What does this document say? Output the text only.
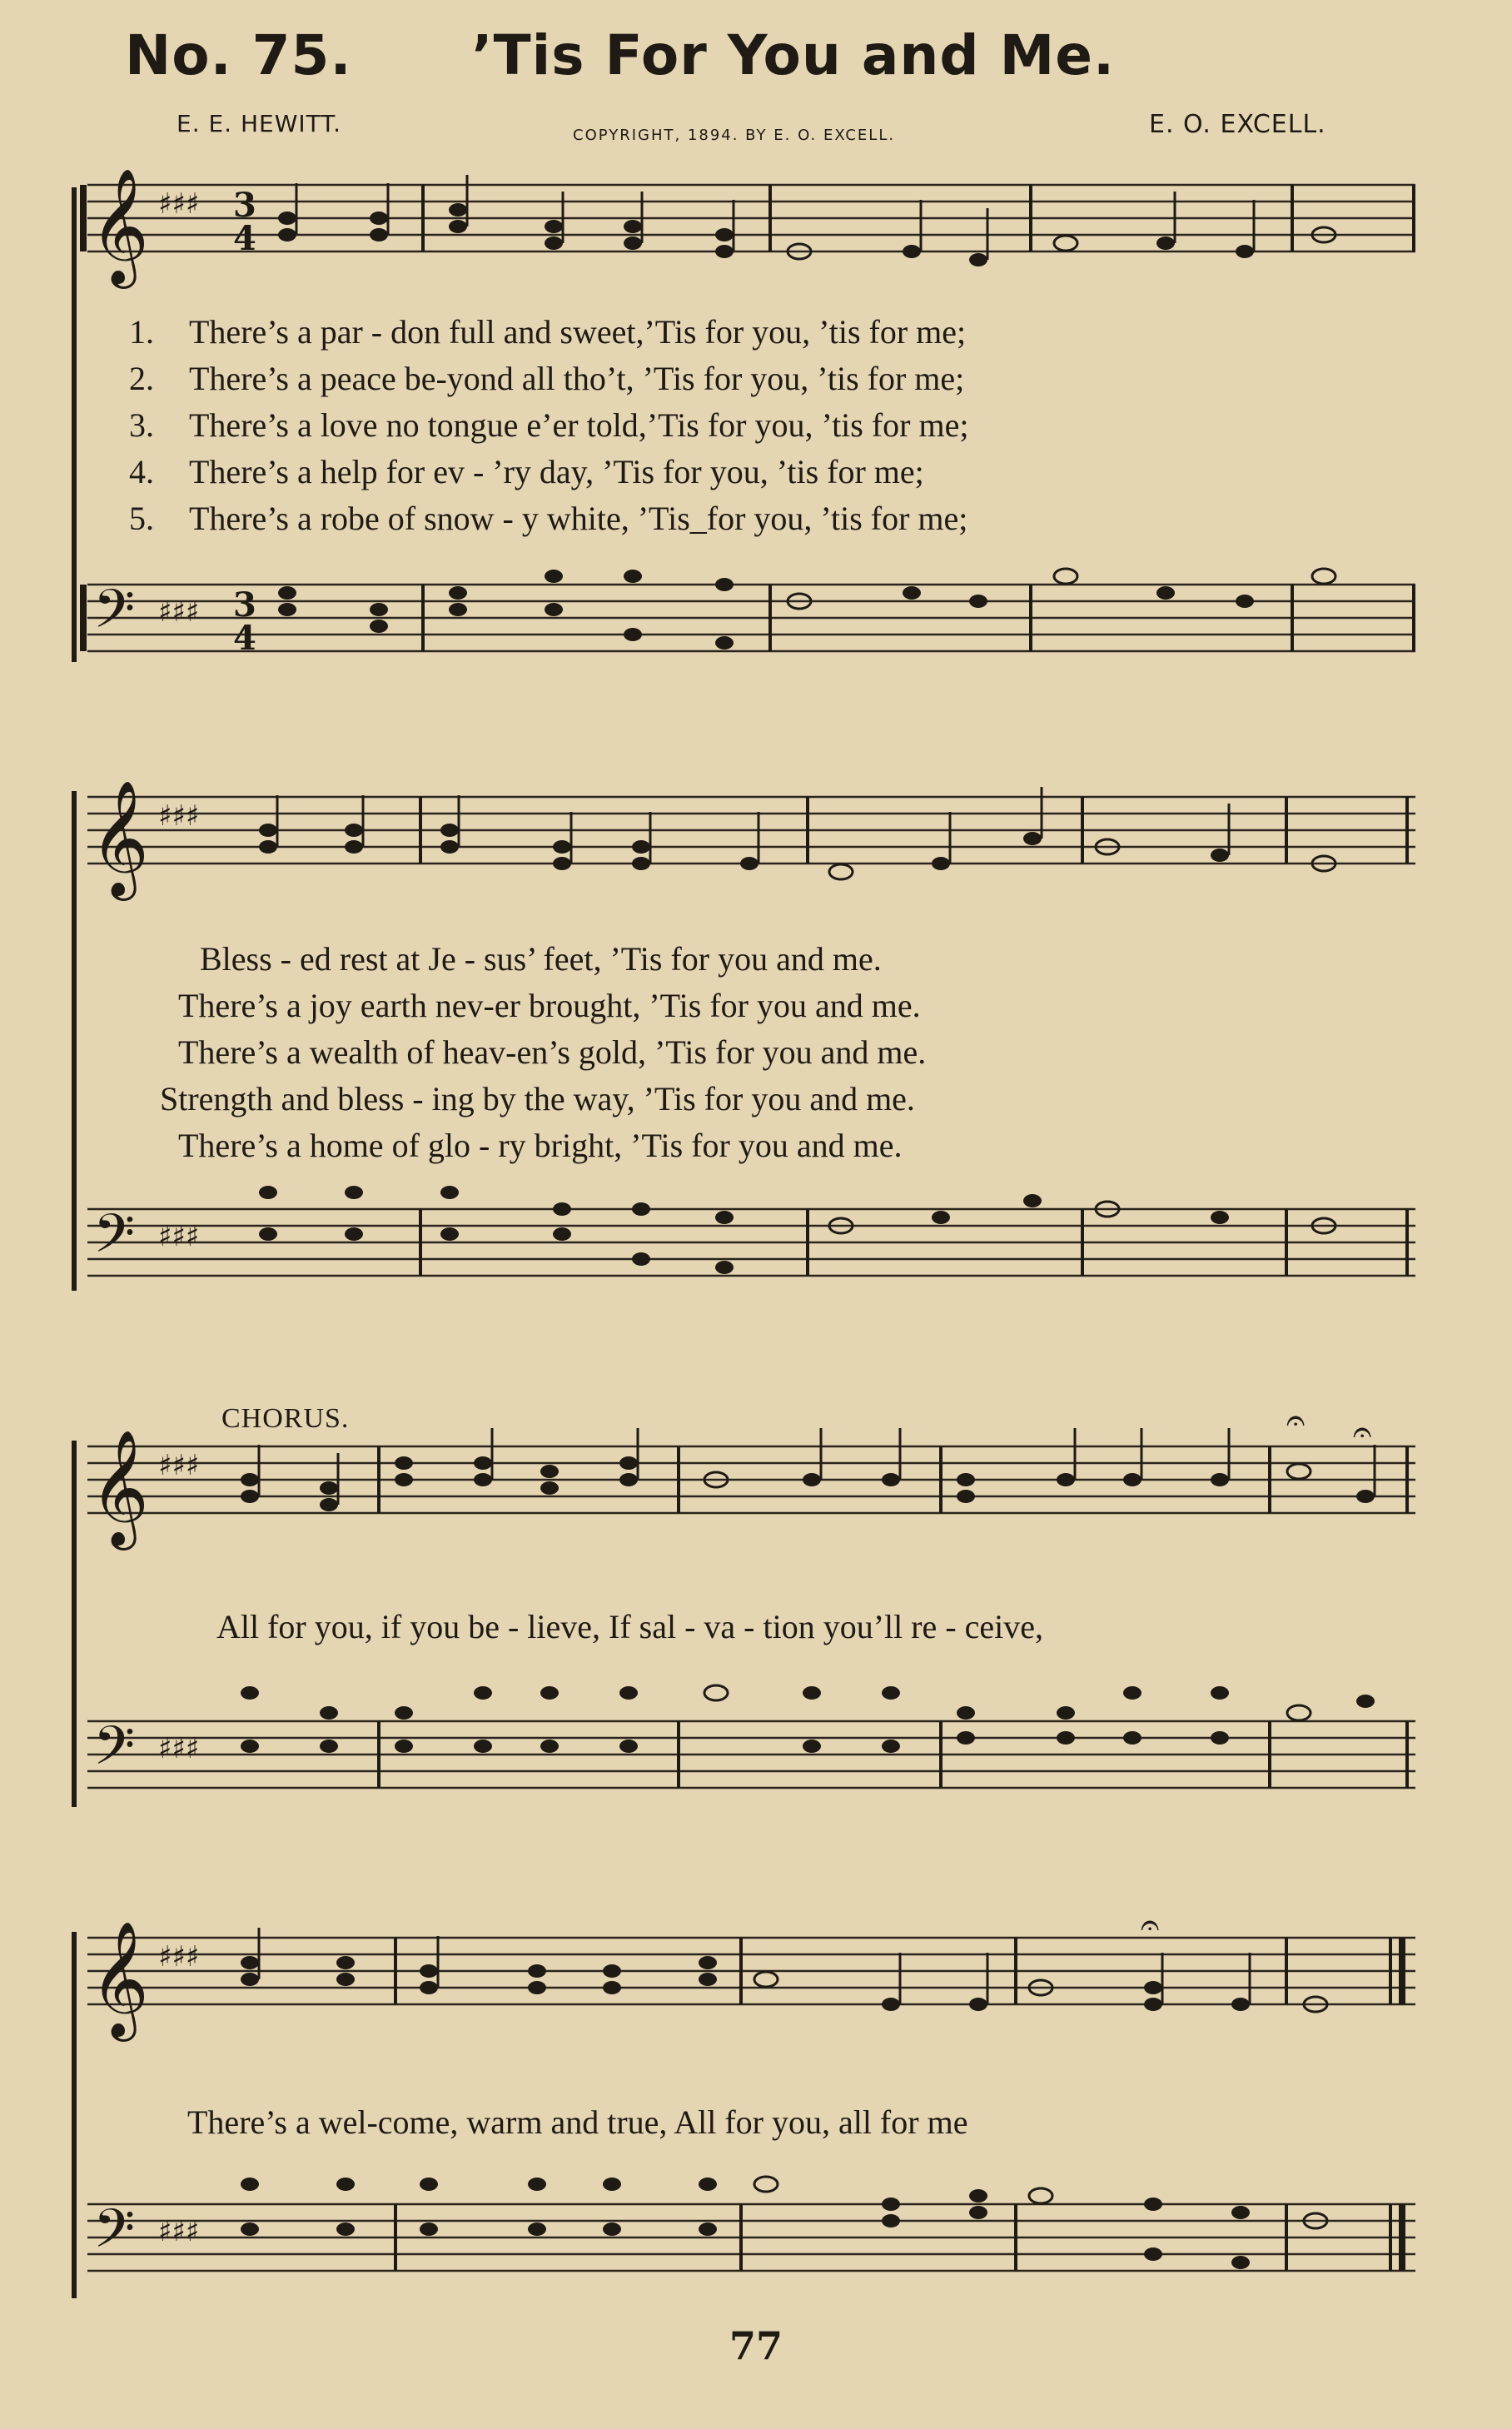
No. 75. ’Tis For You and Me.
E. E. HEWITT.	COPYRIGHT, 1894. BY E. O. EXCELL.	E. O. EXCELL.
𝄞 ♯♯♯ 3
4
1. There’s a par - don full and sweet,’Tis for you, ’tis for me;
2. There’s a peace be-yond all tho’t, ’Tis for you, ’tis for me;
3. There’s a love no tongue e’er told,’Tis for you, ’tis for me;
4. There’s a help for ev - ’ry day, ’Tis for you, ’tis for me;
5. There’s a robe of snow - y white, ’Tis_for you, ’tis for me;
𝄢 ♯♯♯ 3
4
𝄞 ♯♯♯
Bless - ed rest at Je - sus’ feet, ’Tis for you and me.
There’s a joy earth nev-er brought, ’Tis for you and me.
There’s a wealth of heav-en’s gold, ’Tis for you and me.
Strength and bless - ing by the way, ’Tis for you and me.
There’s a home of glo - ry bright, ’Tis for you and me.
𝄢 ♯♯♯
CHORUS.
𝄞 ♯♯♯
𝄐 𝄐
All for you, if you be - lieve, If sal - va - tion you’ll re - ceive,
𝄢 ♯♯♯
𝄞 ♯♯♯
𝄐
There’s a wel-come, warm and true, All for you, all for me
𝄢 ♯♯♯
77
